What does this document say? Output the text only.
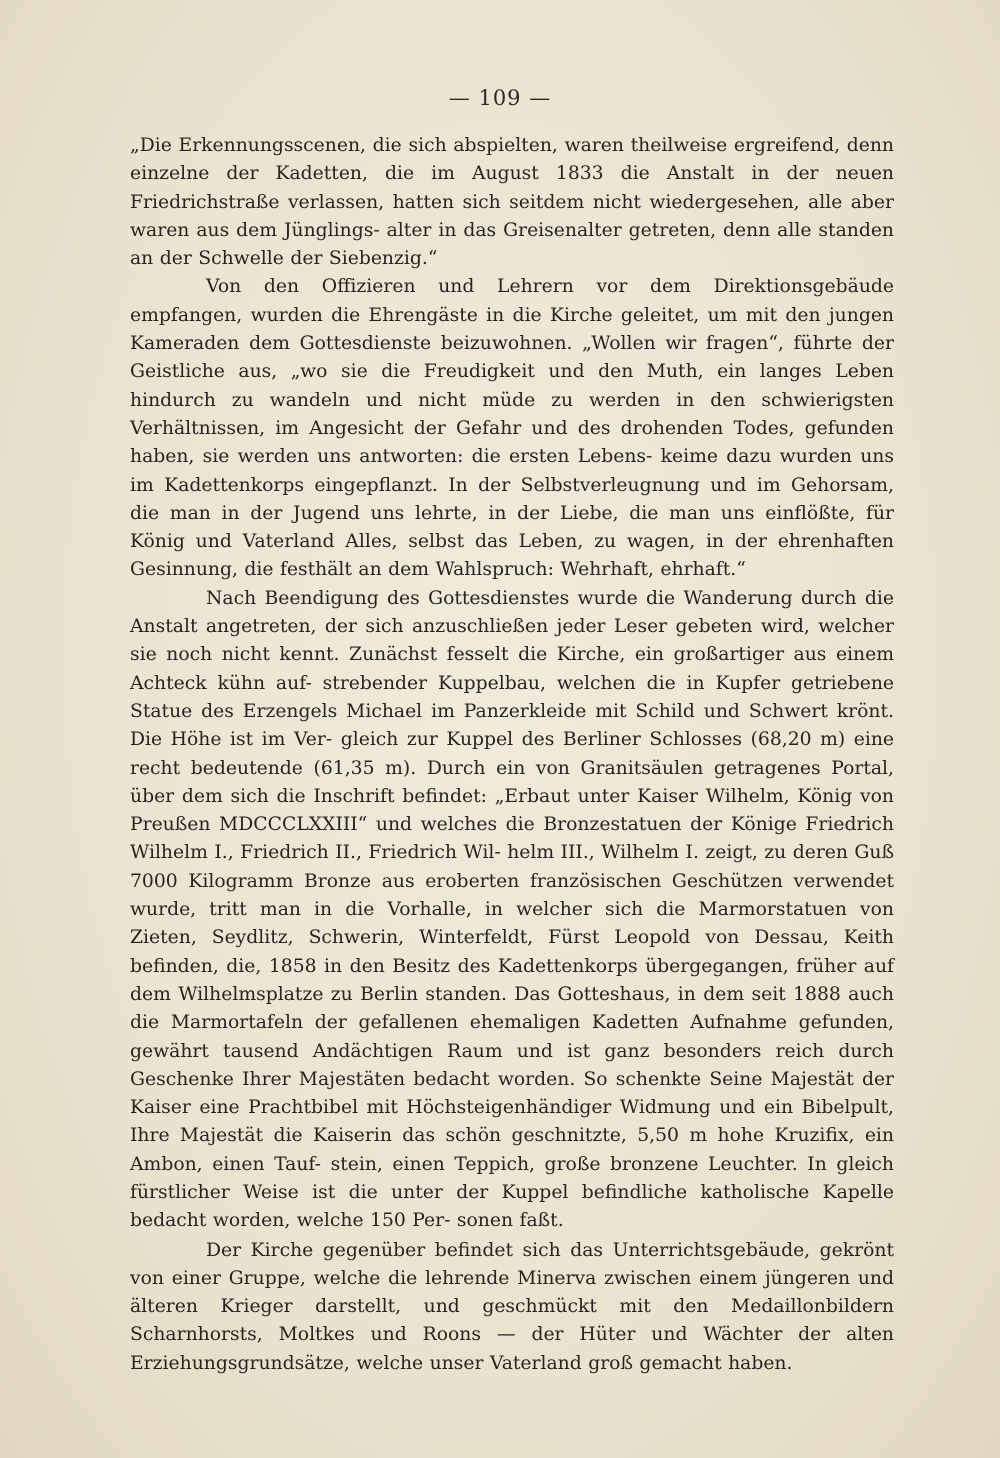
— 109 —

„Die Erkennungsscenen, die sich abspielten, waren theilweise ergreifend, denn einzelne der Kadetten, die im August 1833 die Anstalt in der neuen Friedrichstraße verlassen, hatten sich seitdem nicht wiedergesehen, alle aber waren aus dem Jünglings- alter in das Greisenalter getreten, denn alle standen an der Schwelle der Siebenzig.“

Von den Offizieren und Lehrern vor dem Direktionsgebäude empfangen, wurden die Ehrengäste in die Kirche geleitet, um mit den jungen Kameraden dem Gottesdienste beizuwohnen. „Wollen wir fragen“, führte der Geistliche aus, „wo sie die Freudigkeit und den Muth, ein langes Leben hindurch zu wandeln und nicht müde zu werden in den schwierigsten Verhältnissen, im Angesicht der Gefahr und des drohenden Todes, gefunden haben, sie werden uns antworten: die ersten Lebens- keime dazu wurden uns im Kadettenkorps eingepflanzt. In der Selbstverleugnung und im Gehorsam, die man in der Jugend uns lehrte, in der Liebe, die man uns einflößte, für König und Vaterland Alles, selbst das Leben, zu wagen, in der ehrenhaften Gesinnung, die festhält an dem Wahlspruch: Wehrhaft, ehrhaft.“

Nach Beendigung des Gottesdienstes wurde die Wanderung durch die Anstalt angetreten, der sich anzuschließen jeder Leser gebeten wird, welcher sie noch nicht kennt. Zunächst fesselt die Kirche, ein großartiger aus einem Achteck kühn auf- strebender Kuppelbau, welchen die in Kupfer getriebene Statue des Erzengels Michael im Panzerkleide mit Schild und Schwert krönt. Die Höhe ist im Ver- gleich zur Kuppel des Berliner Schlosses (68,20 m) eine recht bedeutende (61,35 m). Durch ein von Granitsäulen getragenes Portal, über dem sich die Inschrift befindet: „Erbaut unter Kaiser Wilhelm, König von Preußen MDCCCLXXIII“ und welches die Bronzestatuen der Könige Friedrich Wilhelm I., Friedrich II., Friedrich Wil- helm III., Wilhelm I. zeigt, zu deren Guß 7000 Kilogramm Bronze aus eroberten französischen Geschützen verwendet wurde, tritt man in die Vorhalle, in welcher sich die Marmorstatuen von Zieten, Seydlitz, Schwerin, Winterfeldt, Fürst Leopold von Dessau, Keith befinden, die, 1858 in den Besitz des Kadettenkorps übergegangen, früher auf dem Wilhelmsplatze zu Berlin standen. Das Gotteshaus, in dem seit 1888 auch die Marmortafeln der gefallenen ehemaligen Kadetten Aufnahme gefunden, gewährt tausend Andächtigen Raum und ist ganz besonders reich durch Geschenke Ihrer Majestäten bedacht worden. So schenkte Seine Majestät der Kaiser eine Prachtbibel mit Höchsteigenhändiger Widmung und ein Bibelpult, Ihre Majestät die Kaiserin das schön geschnitzte, 5,50 m hohe Kruzifix, ein Ambon, einen Tauf- stein, einen Teppich, große bronzene Leuchter. In gleich fürstlicher Weise ist die unter der Kuppel befindliche katholische Kapelle bedacht worden, welche 150 Per- sonen faßt.

Der Kirche gegenüber befindet sich das Unterrichtsgebäude, gekrönt von einer Gruppe, welche die lehrende Minerva zwischen einem jüngeren und älteren Krieger darstellt, und geschmückt mit den Medaillonbildern Scharnhorsts, Moltkes und Roons — der Hüter und Wächter der alten Erziehungsgrundsätze, welche unser Vaterland groß gemacht haben.
